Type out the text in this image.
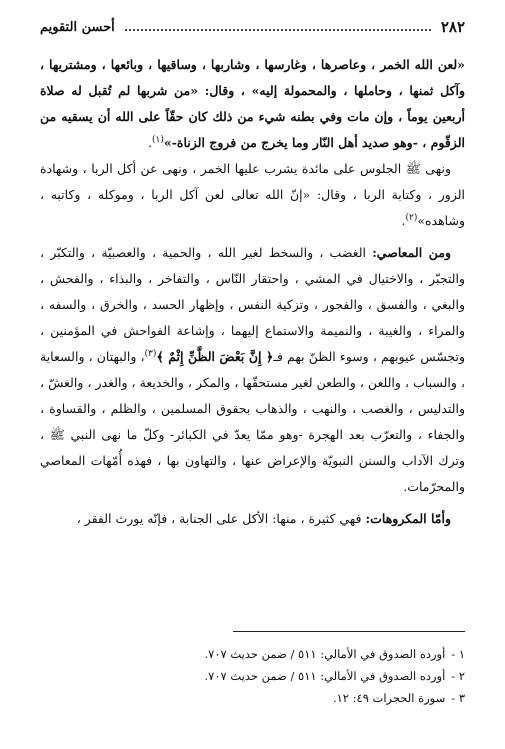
٢٨٢
أحسن التقويم

«لعن الله الخمر ، وعاصرها ، وغارسها ، وشاربها ، وساقيها ، وبائعها ، ومشتريها ، وآكل ثمنها ، وحاملها ، والمحمولة إليه» ، وقال: «من شربها لم تُقبل له صلاة أربعين يوماً ، وإن مات وفي بطنه شيء من ذلك كان حقّاً على الله أن يسقيه من الزقّوم ، -وهو صديد أهل النّار وما يخرج من فروج الزناة-»$^{(١)}$.

ونهى ﷺ الجلوس على مائدة يشرب عليها الخمر ، ونهى عن أكل الربا ، وشهادة الزور ، وكتابة الربا ، وقال: «إنّ الله تعالى لعن آكل الربا ، وموكله ، وكاتبه ، وشاهده»$^{(٢)}$.

ومن المعاصي: الغضب ، والسخط لغير الله ، والحمية ، والعصبيّة ، والتكبّر ، والتجبّر ، والاختيال في المشي ، واحتقار النّاس ، والتفاخر ، والبذاء ، والفحش ، والبغي ، والفسق ، والفجور ، وتزكية النفس ، وإظهار الحسد ، والخرق ، والسفه ، والمراء ، والغيبة ، والنميمة والاستماع إليهما ، وإشاعة الفواحش في المؤمنين ، وتجسّس عيوبهم ، وسوء الظنّ بهم فـ﴿ إِنَّ بَعْضَ الظَّنِّ إِثْمٌ ﴾$^{(٣)}$، والبهتان ، والسعاية ، والسباب ، واللعن ، والطعن لغير مستحقّها ، والمكر ، والخديعة ، والغدر ، والغشّ ، والتدليس ، والغصب ، والنهب ، والذهاب بحقوق المسلمين ، والظلم ، والقساوة ، والجفاء ، والتعرّب بعد الهجرة -وهو ممّا يعدّ في الكبائر- وكلّ ما نهى النبي ﷺ ، وترك الآداب والسنن النبويّة والإعراض عنها ، والتهاون بها ، فهذه أُمّهات المعاصي والمحرّمات.

وأمّا المكروهات: فهي كثيرة ، منها: الأكل على الجنابة ، فإنّه يورث الفقر ،

١ -
أورده الصدوق في الأمالي: ٥١١ / ضمن حديث ٧٠٧.
٢ -
أورده الصدوق في الأمالي: ٥١١ / ضمن حديث ٧٠٧.
٣ -
سورة الحجرات ٤٩: ١٢.
